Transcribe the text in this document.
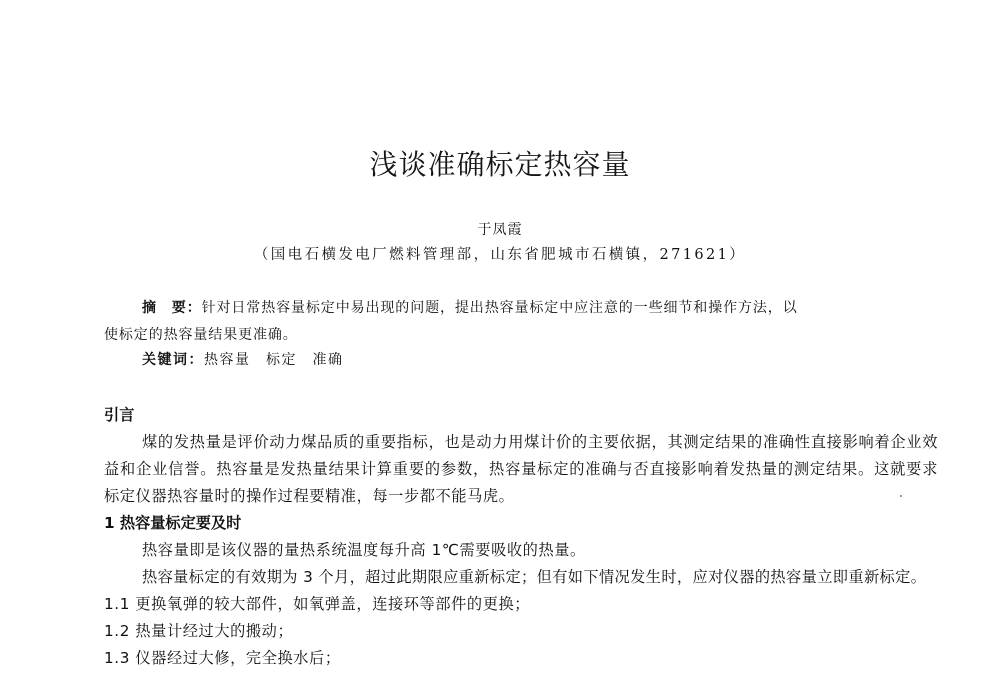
浅谈准确标定热容量
于凤霞
（国电石横发电厂燃料管理部，山东省肥城市石横镇，271621）
摘　要：针对日常热容量标定中易出现的问题，提出热容量标定中应注意的一些细节和操作方法，以
使标定的热容量结果更准确。
关键词：热容量　标定　准确
引言
煤的发热量是评价动力煤品质的重要指标，也是动力用煤计价的主要依据，其测定结果的准确性直接影响着企业效益和企业信誉。热容量是发热量结果计算重要的参数，热容量标定的准确与否直接影响着发热量的测定结果。这就要求标定仪器热容量时的操作过程要精准，每一步都不能马虎。
1 热容量标定要及时
热容量即是该仪器的量热系统温度每升高 1℃需要吸收的热量。
热容量标定的有效期为 3 个月，超过此期限应重新标定；但有如下情况发生时，应对仪器的热容量立即重新标定。
1.1 更换氧弹的较大部件，如氧弹盖，连接环等部件的更换；
1.2 热量计经过大的搬动；
1.3 仪器经过大修，完全换水后；
